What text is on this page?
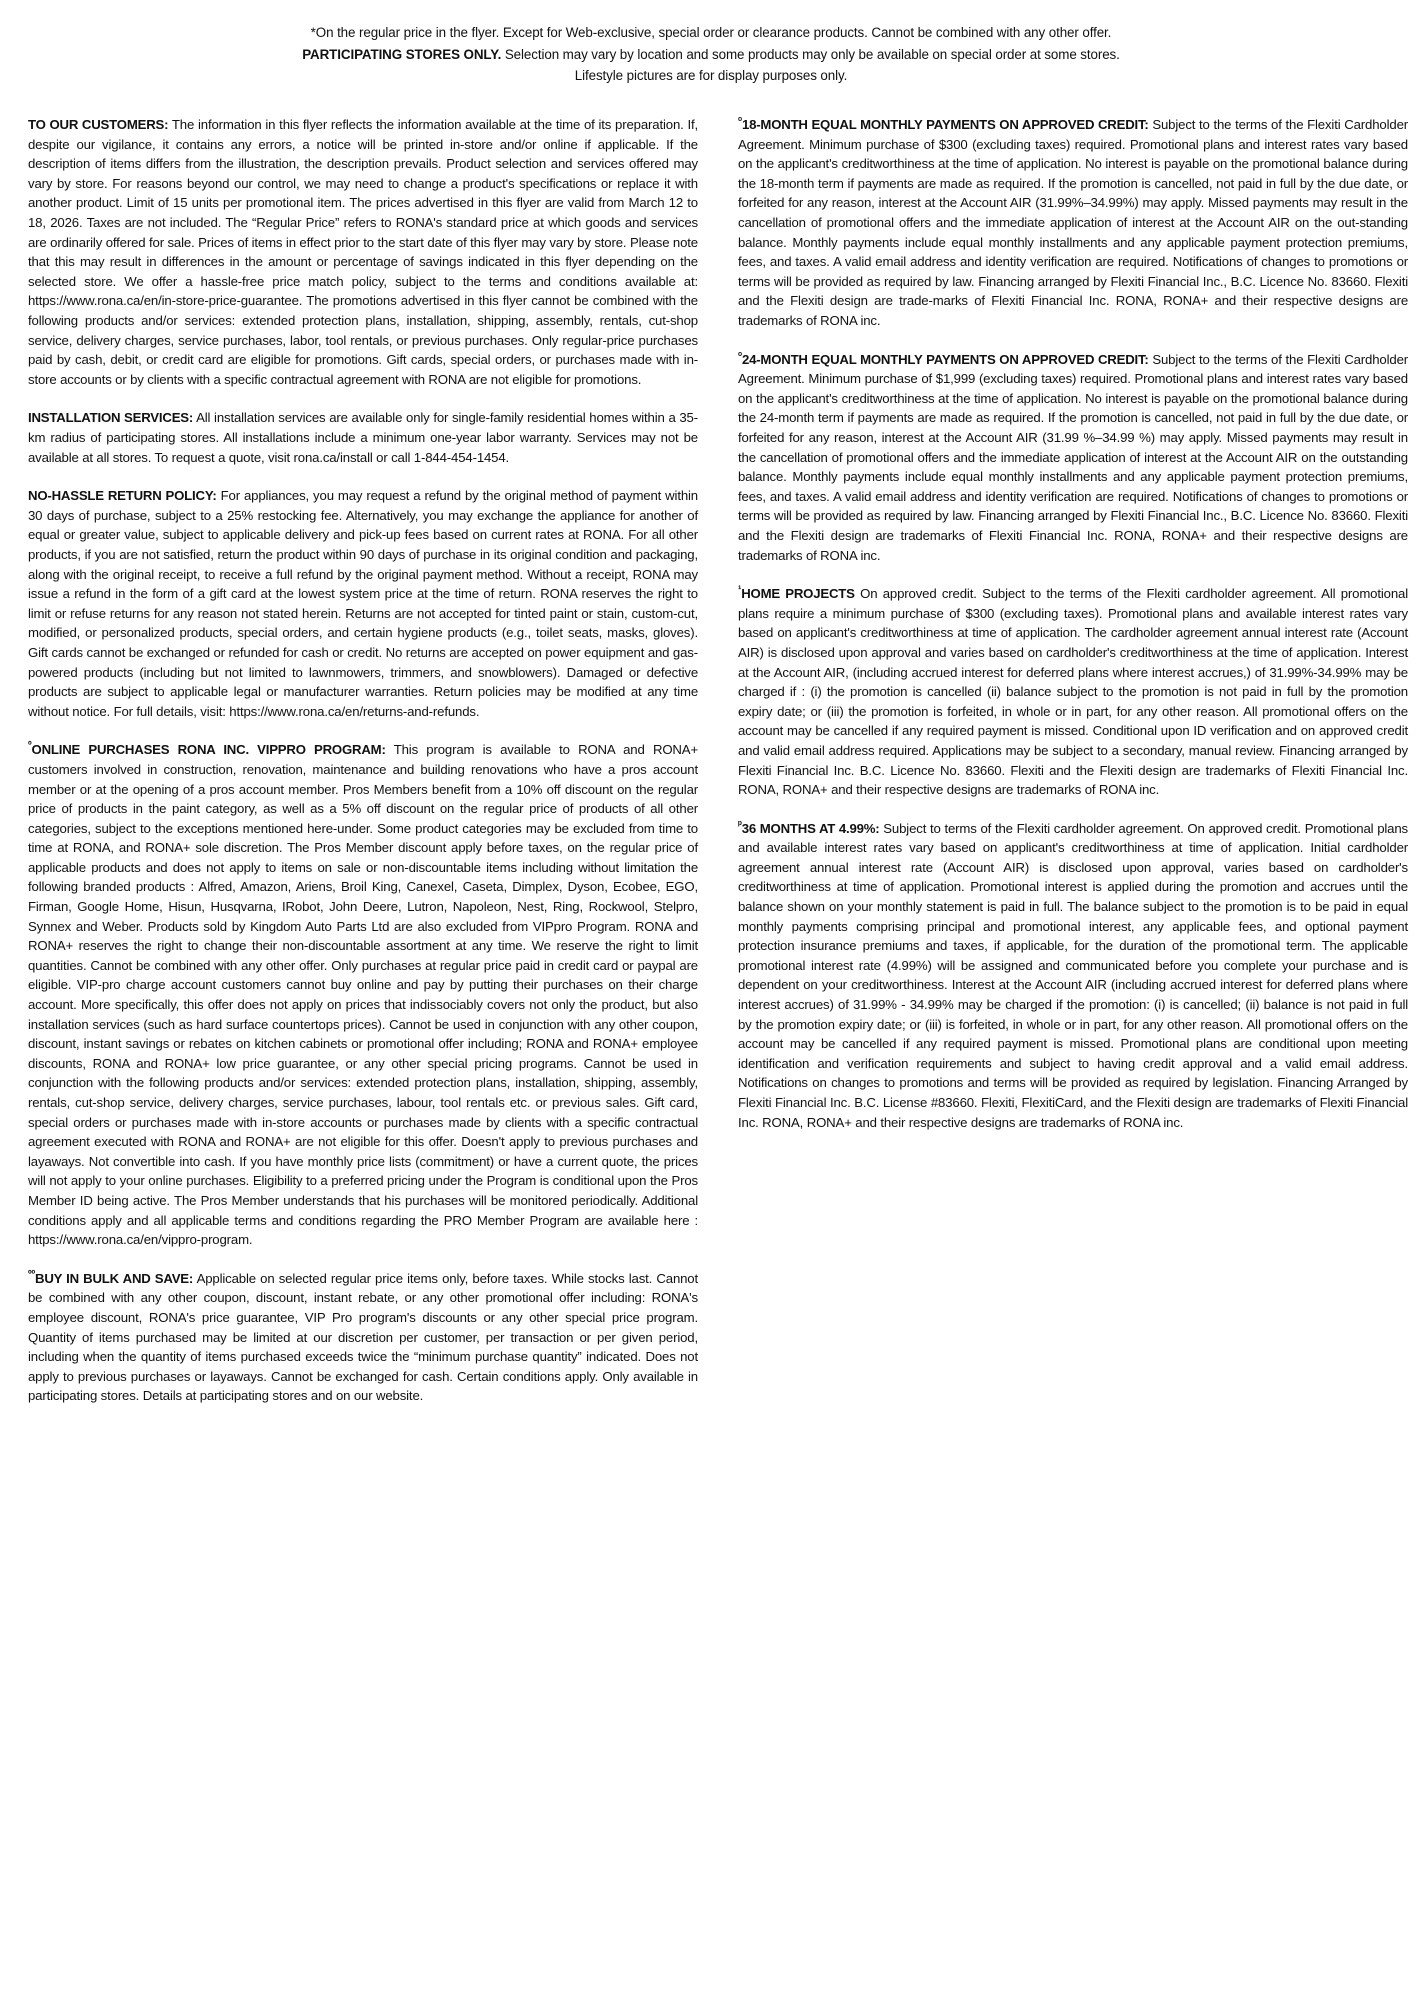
*On the regular price in the flyer. Except for Web-exclusive, special order or clearance products. Cannot be combined with any other offer.

PARTICIPATING STORES ONLY. Selection may vary by location and some products may only be available on special order at some stores.

Lifestyle pictures are for display purposes only.

TO OUR CUSTOMERS: The information in this flyer reflects the information available at the time of its preparation. If, despite our vigilance, it contains any errors, a notice will be printed in-store and/or online if applicable. If the description of items differs from the illustration, the description prevails. Product selection and services offered may vary by store. For reasons beyond our control, we may need to change a product's specifications or replace it with another product. Limit of 15 units per promotional item. The prices advertised in this flyer are valid from March 12 to 18, 2026. Taxes are not included. The “Regular Price” refers to RONA's standard price at which goods and services are ordinarily offered for sale. Prices of items in effect prior to the start date of this flyer may vary by store. Please note that this may result in differences in the amount or percentage of savings indicated in this flyer depending on the selected store. We offer a hassle-free price match policy, subject to the terms and conditions available at: https://www.rona.ca/en/in-store-price-guarantee. The promotions advertised in this flyer cannot be combined with the following products and/or services: extended protection plans, installation, shipping, assembly, rentals, cut-shop service, delivery charges, service purchases, labor, tool rentals, or previous purchases. Only regular-price purchases paid by cash, debit, or credit card are eligible for promotions. Gift cards, special orders, or purchases made with in-store accounts or by clients with a specific contractual agreement with RONA are not eligible for promotions.

INSTALLATION SERVICES: All installation services are available only for single-family residential homes within a 35-km radius of participating stores. All installations include a minimum one-year labor warranty. Services may not be available at all stores. To request a quote, visit rona.ca/install or call 1-844-454-1454.

NO-HASSLE RETURN POLICY: For appliances, you may request a refund by the original method of payment within 30 days of purchase, subject to a 25% restocking fee. Alternatively, you may exchange the appliance for another of equal or greater value, subject to applicable delivery and pick-up fees based on current rates at RONA. For all other products, if you are not satisfied, return the product within 90 days of purchase in its original condition and packaging, along with the original receipt, to receive a full refund by the original payment method. Without a receipt, RONA may issue a refund in the form of a gift card at the lowest system price at the time of return. RONA reserves the right to limit or refuse returns for any reason not stated herein. Returns are not accepted for tinted paint or stain, custom-cut, modified, or personalized products, special orders, and certain hygiene products (e.g., toilet seats, masks, gloves). Gift cards cannot be exchanged or refunded for cash or credit. No returns are accepted on power equipment and gas-powered products (including but not limited to lawnmowers, trimmers, and snowblowers). Damaged or defective products are subject to applicable legal or manufacturer warranties. Return policies may be modified at any time without notice. For full details, visit: https://www.rona.ca/en/returns-and-refunds.

$^º$ONLINE PURCHASES RONA INC. VIPPRO PROGRAM: This program is available to RONA and RONA+ customers involved in construction, renovation, maintenance and building renovations who have a pros account member or at the opening of a pros account member. Pros Members benefit from a 10% off discount on the regular price of products in the paint category, as well as a 5% off discount on the regular price of products of all other categories, subject to the exceptions mentioned here-under. Some product categories may be excluded from time to time at RONA, and RONA+ sole discretion. The Pros Member discount apply before taxes, on the regular price of applicable products and does not apply to items on sale or non-discountable items including without limitation the following branded products : Alfred, Amazon, Ariens, Broil King, Canexel, Caseta, Dimplex, Dyson, Ecobee, EGO, Firman, Google Home, Hisun, Husqvarna, IRobot, John Deere, Lutron, Napoleon, Nest, Ring, Rockwool, Stelpro, Synnex and Weber. Products sold by Kingdom Auto Parts Ltd are also excluded from VIPpro Program. RONA and RONA+ reserves the right to change their non-discountable assortment at any time. We reserve the right to limit quantities. Cannot be combined with any other offer. Only purchases at regular price paid in credit card or paypal are eligible. VIP-pro charge account customers cannot buy online and pay by putting their purchases on their charge account. More specifically, this offer does not apply on prices that indissociably covers not only the product, but also installation services (such as hard surface countertops prices). Cannot be used in conjunction with any other coupon, discount, instant savings or rebates on kitchen cabinets or promotional offer including; RONA and RONA+ employee discounts, RONA and RONA+ low price guarantee, or any other special pricing programs. Cannot be used in conjunction with the following products and/or services: extended protection plans, installation, shipping, assembly, rentals, cut-shop service, delivery charges, service purchases, labour, tool rentals etc. or previous sales. Gift card, special orders or purchases made with in-store accounts or purchases made by clients with a specific contractual agreement executed with RONA and RONA+ are not eligible for this offer. Doesn't apply to previous purchases and layaways. Not convertible into cash. If you have monthly price lists (commitment) or have a current quote, the prices will not apply to your online purchases. Eligibility to a preferred pricing under the Program is conditional upon the Pros Member ID being active. The Pros Member understands that his purchases will be monitored periodically. Additional conditions apply and all applicable terms and conditions regarding the PRO Member Program are available here : https://www.rona.ca/en/vippro-program.

$^{ºº}$BUY IN BULK AND SAVE: Applicable on selected regular price items only, before taxes. While stocks last. Cannot be combined with any other coupon, discount, instant rebate, or any other promotional offer including: RONA's employee discount, RONA's price guarantee, VIP Pro program's discounts or any other special price program. Quantity of items purchased may be limited at our discretion per customer, per transaction or per given period, including when the quantity of items purchased exceeds twice the “minimum purchase quantity” indicated. Does not apply to previous purchases or layaways. Cannot be exchanged for cash. Certain conditions apply. Only available in participating stores. Details at participating stores and on our website.

$^ᵒ$18-MONTH EQUAL MONTHLY PAYMENTS ON APPROVED CREDIT: Subject to the terms of the Flexiti Cardholder Agreement. Minimum purchase of $300 (excluding taxes) required. Promotional plans and interest rates vary based on the applicant's creditworthiness at the time of application. No interest is payable on the promotional balance during the 18-month term if payments are made as required. If the promotion is cancelled, not paid in full by the due date, or forfeited for any reason, interest at the Account AIR (31.99%–34.99%) may apply. Missed payments may result in the cancellation of promotional offers and the immediate application of interest at the Account AIR on the out-standing balance. Monthly payments include equal monthly installments and any applicable payment protection premiums, fees, and taxes. A valid email address and identity verification are required. Notifications of changes to promotions or terms will be provided as required by law. Financing arranged by Flexiti Financial Inc., B.C. Licence No. 83660. Flexiti and the Flexiti design are trade-marks of Flexiti Financial Inc. RONA, RONA+ and their respective designs are trademarks of RONA inc.

$^ᵒ$24-MONTH EQUAL MONTHLY PAYMENTS ON APPROVED CREDIT: Subject to the terms of the Flexiti Cardholder Agreement. Minimum purchase of $1,999 (excluding taxes) required. Promotional plans and interest rates vary based on the applicant's creditworthiness at the time of application. No interest is payable on the promotional balance during the 24-month term if payments are made as required. If the promotion is cancelled, not paid in full by the due date, or forfeited for any reason, interest at the Account AIR (31.99 %–34.99 %) may apply. Missed payments may result in the cancellation of promotional offers and the immediate application of interest at the Account AIR on the outstanding balance. Monthly payments include equal monthly installments and any applicable payment protection premiums, fees, and taxes. A valid email address and identity verification are required. Notifications of changes to promotions or terms will be provided as required by law. Financing arranged by Flexiti Financial Inc., B.C. Licence No. 83660. Flexiti and the Flexiti design are trademarks of Flexiti Financial Inc. RONA, RONA+ and their respective designs are trademarks of RONA inc.

$^{^1}$HOME PROJECTS On approved credit. Subject to the terms of the Flexiti cardholder agreement. All promotional plans require a minimum purchase of $300 (excluding taxes). Promotional plans and available interest rates vary based on applicant's creditworthiness at time of application. The cardholder agreement annual interest rate (Account AIR) is disclosed upon approval and varies based on cardholder's creditworthiness at the time of application. Interest at the Account AIR, (including accrued interest for deferred plans where interest accrues,) of 31.99%-34.99% may be charged if : (i) the promotion is cancelled (ii) balance subject to the promotion is not paid in full by the promotion expiry date; or (iii) the promotion is forfeited, in whole or in part, for any other reason. All promotional offers on the account may be cancelled if any required payment is missed. Conditional upon ID verification and on approved credit and valid email address required. Applications may be subject to a secondary, manual review. Financing arranged by Flexiti Financial Inc. B.C. Licence No. 83660. Flexiti and the Flexiti design are trademarks of Flexiti Financial Inc. RONA, RONA+ and their respective designs are trademarks of RONA inc.

$^ᵖ$36 MONTHS AT 4.99%: Subject to terms of the Flexiti cardholder agreement. On approved credit. Promotional plans and available interest rates vary based on applicant's creditworthiness at time of application. Initial cardholder agreement annual interest rate (Account AIR) is disclosed upon approval, varies based on cardholder's creditworthiness at time of application. Promotional interest is applied during the promotion and accrues until the balance shown on your monthly statement is paid in full. The balance subject to the promotion is to be paid in equal monthly payments comprising principal and promotional interest, any applicable fees, and optional payment protection insurance premiums and taxes, if applicable, for the duration of the promotional term. The applicable promotional interest rate (4.99%) will be assigned and communicated before you complete your purchase and is dependent on your creditworthiness. Interest at the Account AIR (including accrued interest for deferred plans where interest accrues) of 31.99% - 34.99% may be charged if the promotion: (i) is cancelled; (ii) balance is not paid in full by the promotion expiry date; or (iii) is forfeited, in whole or in part, for any other reason. All promotional offers on the account may be cancelled if any required payment is missed. Promotional plans are conditional upon meeting identification and verification requirements and subject to having credit approval and a valid email address. Notifications on changes to promotions and terms will be provided as required by legislation. Financing Arranged by Flexiti Financial Inc. B.C. License #83660. Flexiti, FlexitiCard, and the Flexiti design are trademarks of Flexiti Financial Inc. RONA, RONA+ and their respective designs are trademarks of RONA inc.
